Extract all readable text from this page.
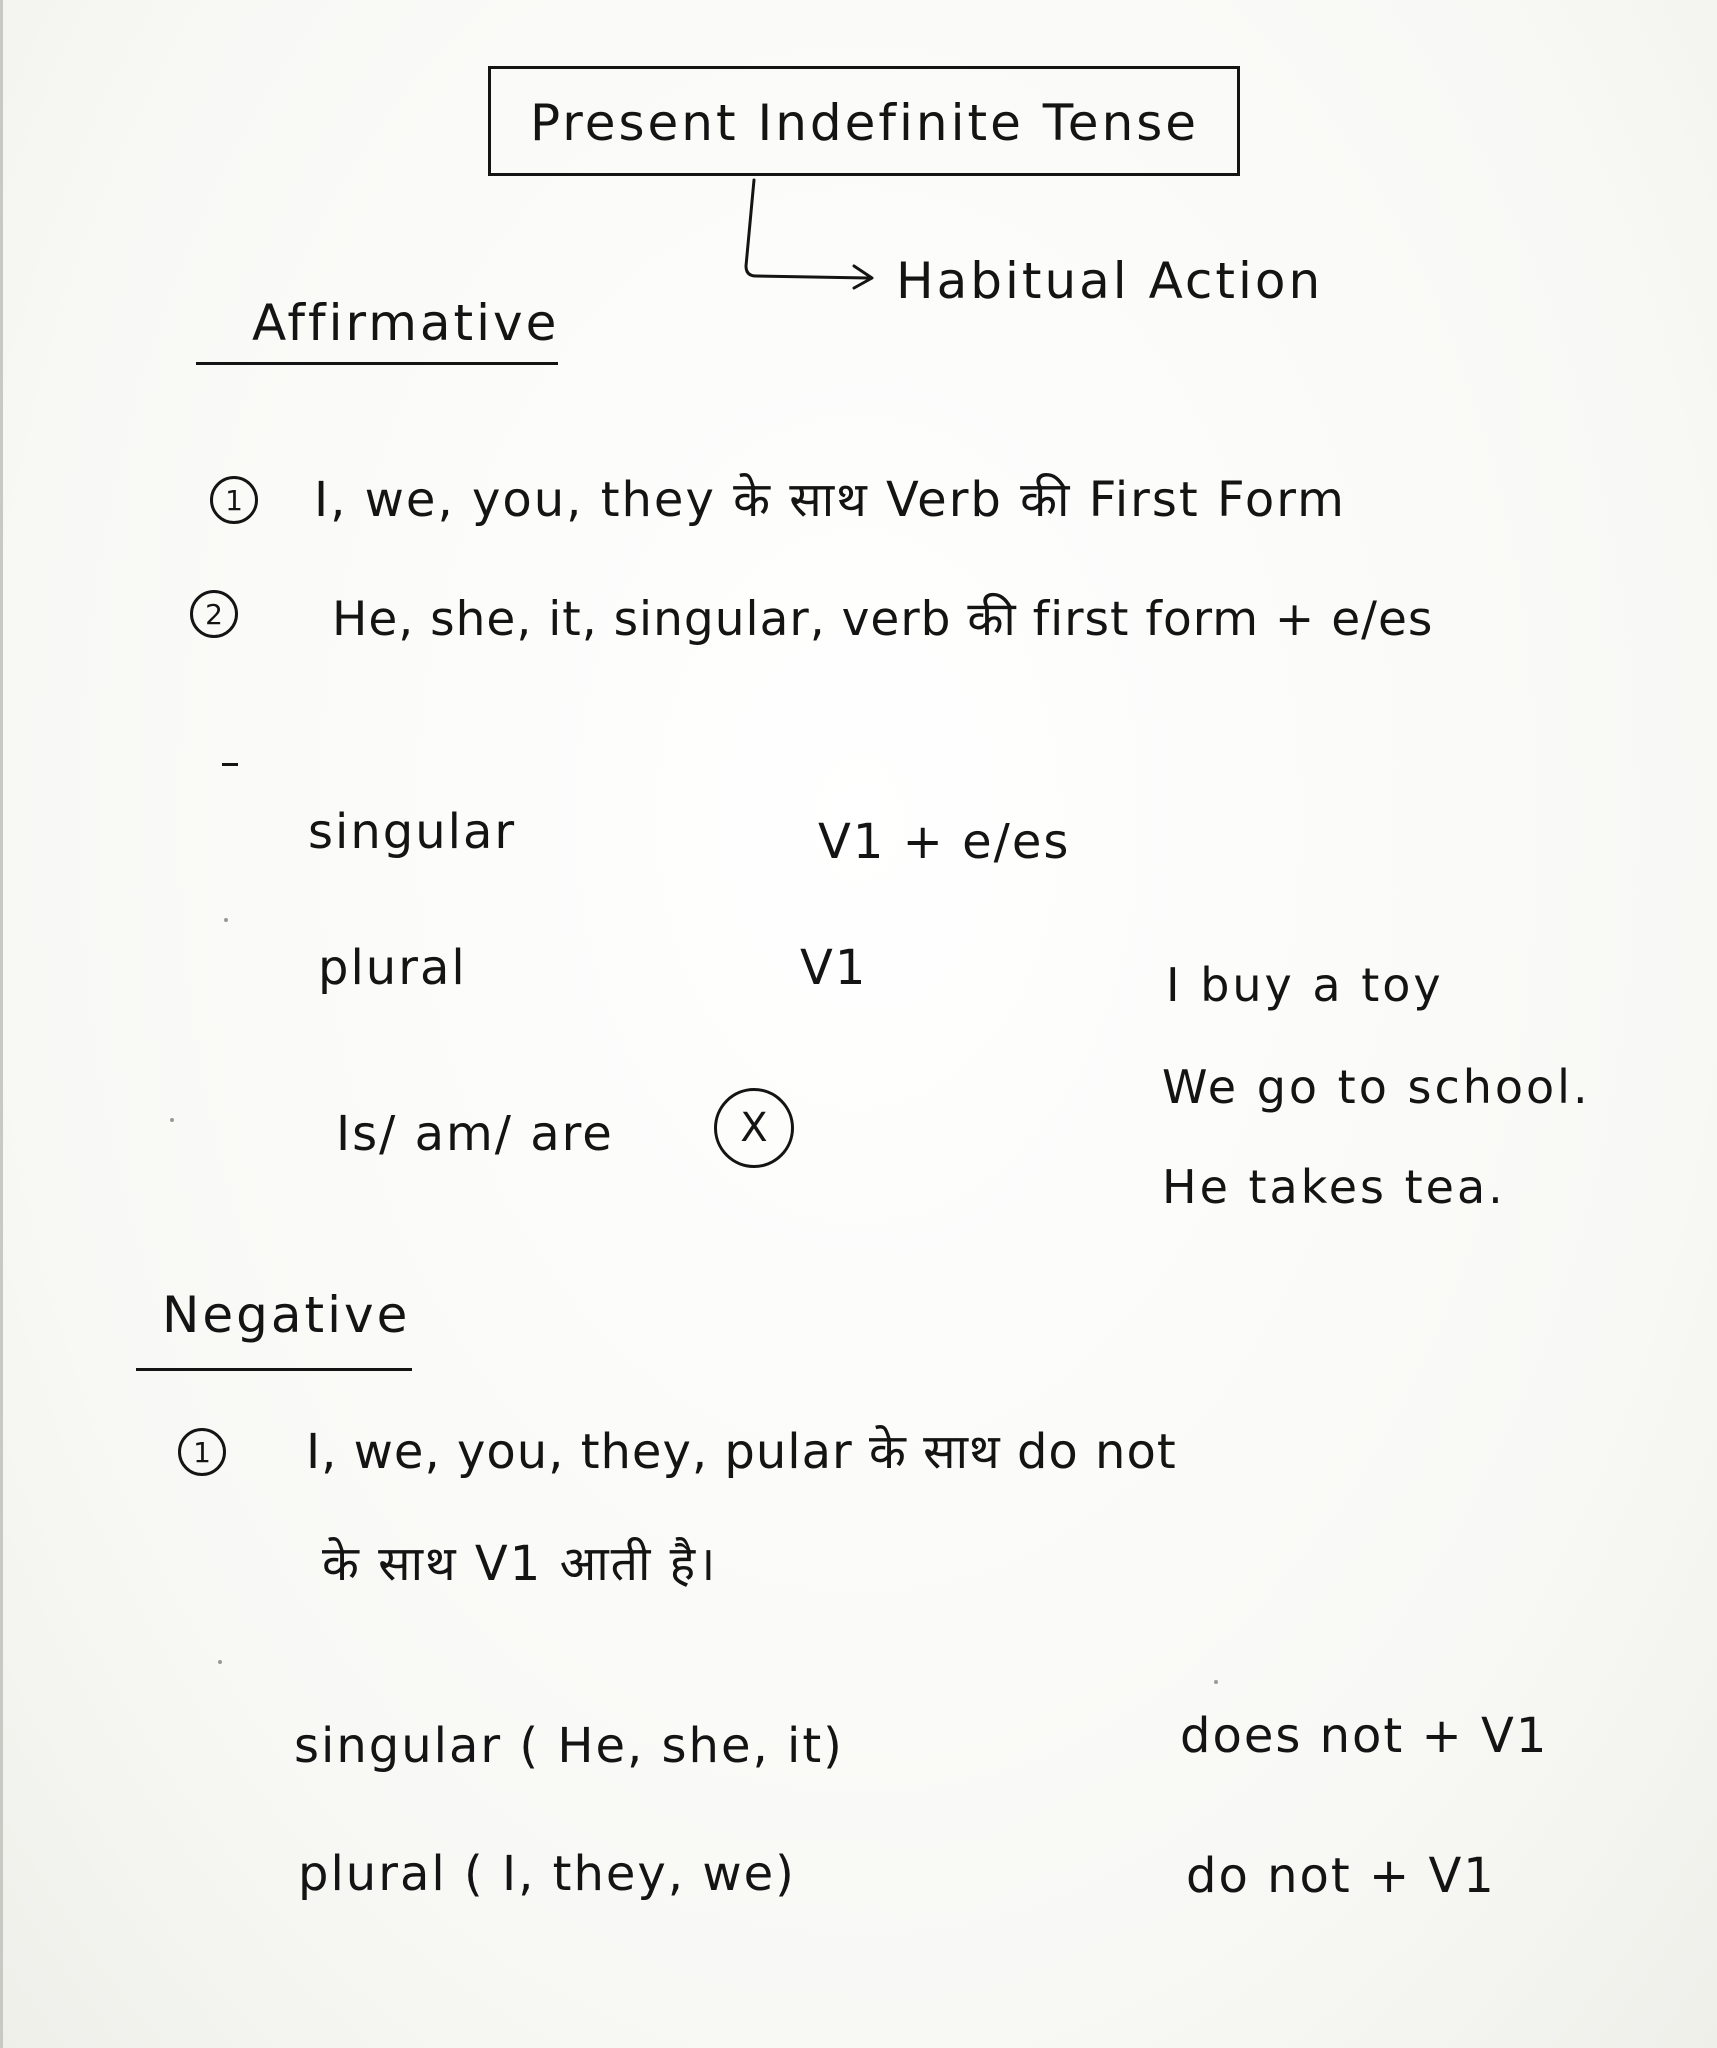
Present Indefinite Tense
Habitual Action
Affirmative
1	I, we, you, they के साथ Verb की First Form
2	He, she, it, singular, verb की first form + e/es
singular	V1 + e/es
plural	V1
Is/ am/ are	X
I buy a toy
We go to school.
He takes tea.
Negative
1	I, we, you, they, pular के साथ do not
के साथ V1 आती है।
singular ( He, she, it)	does not + V1
plural ( I, they, we)	do not + V1
